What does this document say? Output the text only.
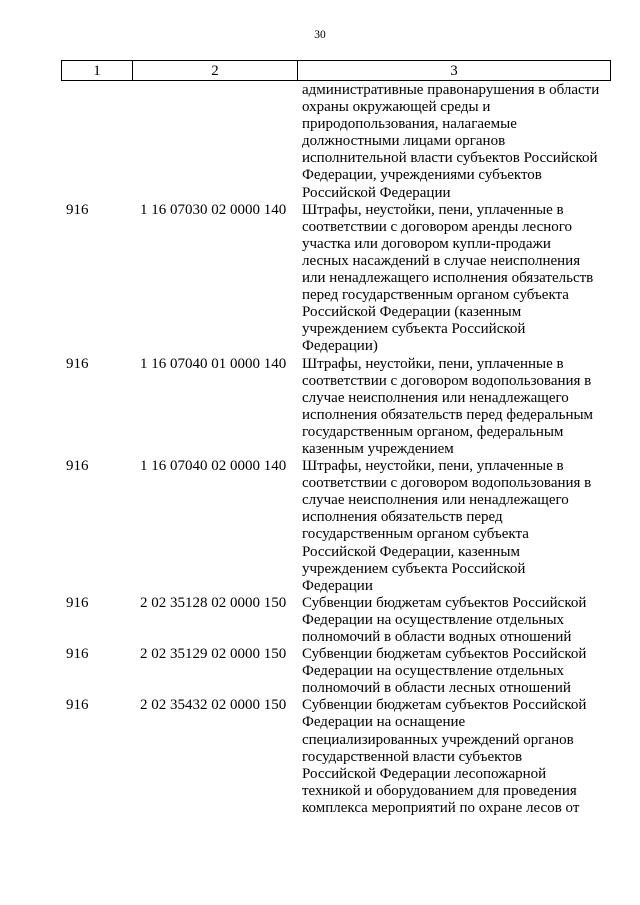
30
1	2	3
административные правонарушения в области
охраны окружающей среды и
природопользования, налагаемые
должностными лицами органов
исполнительной власти субъектов Российской
Федерации, учреждениями субъектов
Российской Федерации
916	1 16 07030 02 0000 140 Штрафы, неустойки, пени, уплаченные в
соответствии с договором аренды лесного
участка или договором купли-продажи
лесных насаждений в случае неисполнения
или ненадлежащего исполнения обязательств
перед государственным органом субъекта
Российской Федерации (казенным
учреждением субъекта Российской
Федерации)
916	1 16 07040 01 0000 140 Штрафы, неустойки, пени, уплаченные в
соответствии с договором водопользования в
случае неисполнения или ненадлежащего
исполнения обязательств перед федеральным
государственным органом, федеральным
казенным учреждением
916	1 16 07040 02 0000 140 Штрафы, неустойки, пени, уплаченные в
соответствии с договором водопользования в
случае неисполнения или ненадлежащего
исполнения обязательств перед
государственным органом субъекта
Российской Федерации, казенным
учреждением субъекта Российской
Федерации
916	2 02 35128 02 0000 150 Субвенции бюджетам субъектов Российской
Федерации на осуществление отдельных
полномочий в области водных отношений
916	2 02 35129 02 0000 150 Субвенции бюджетам субъектов Российской
Федерации на осуществление отдельных
полномочий в области лесных отношений
916	2 02 35432 02 0000 150 Субвенции бюджетам субъектов Российской
Федерации на оснащение
специализированных учреждений органов
государственной власти субъектов
Российской Федерации лесопожарной
техникой и оборудованием для проведения
комплекса мероприятий по охране лесов от
